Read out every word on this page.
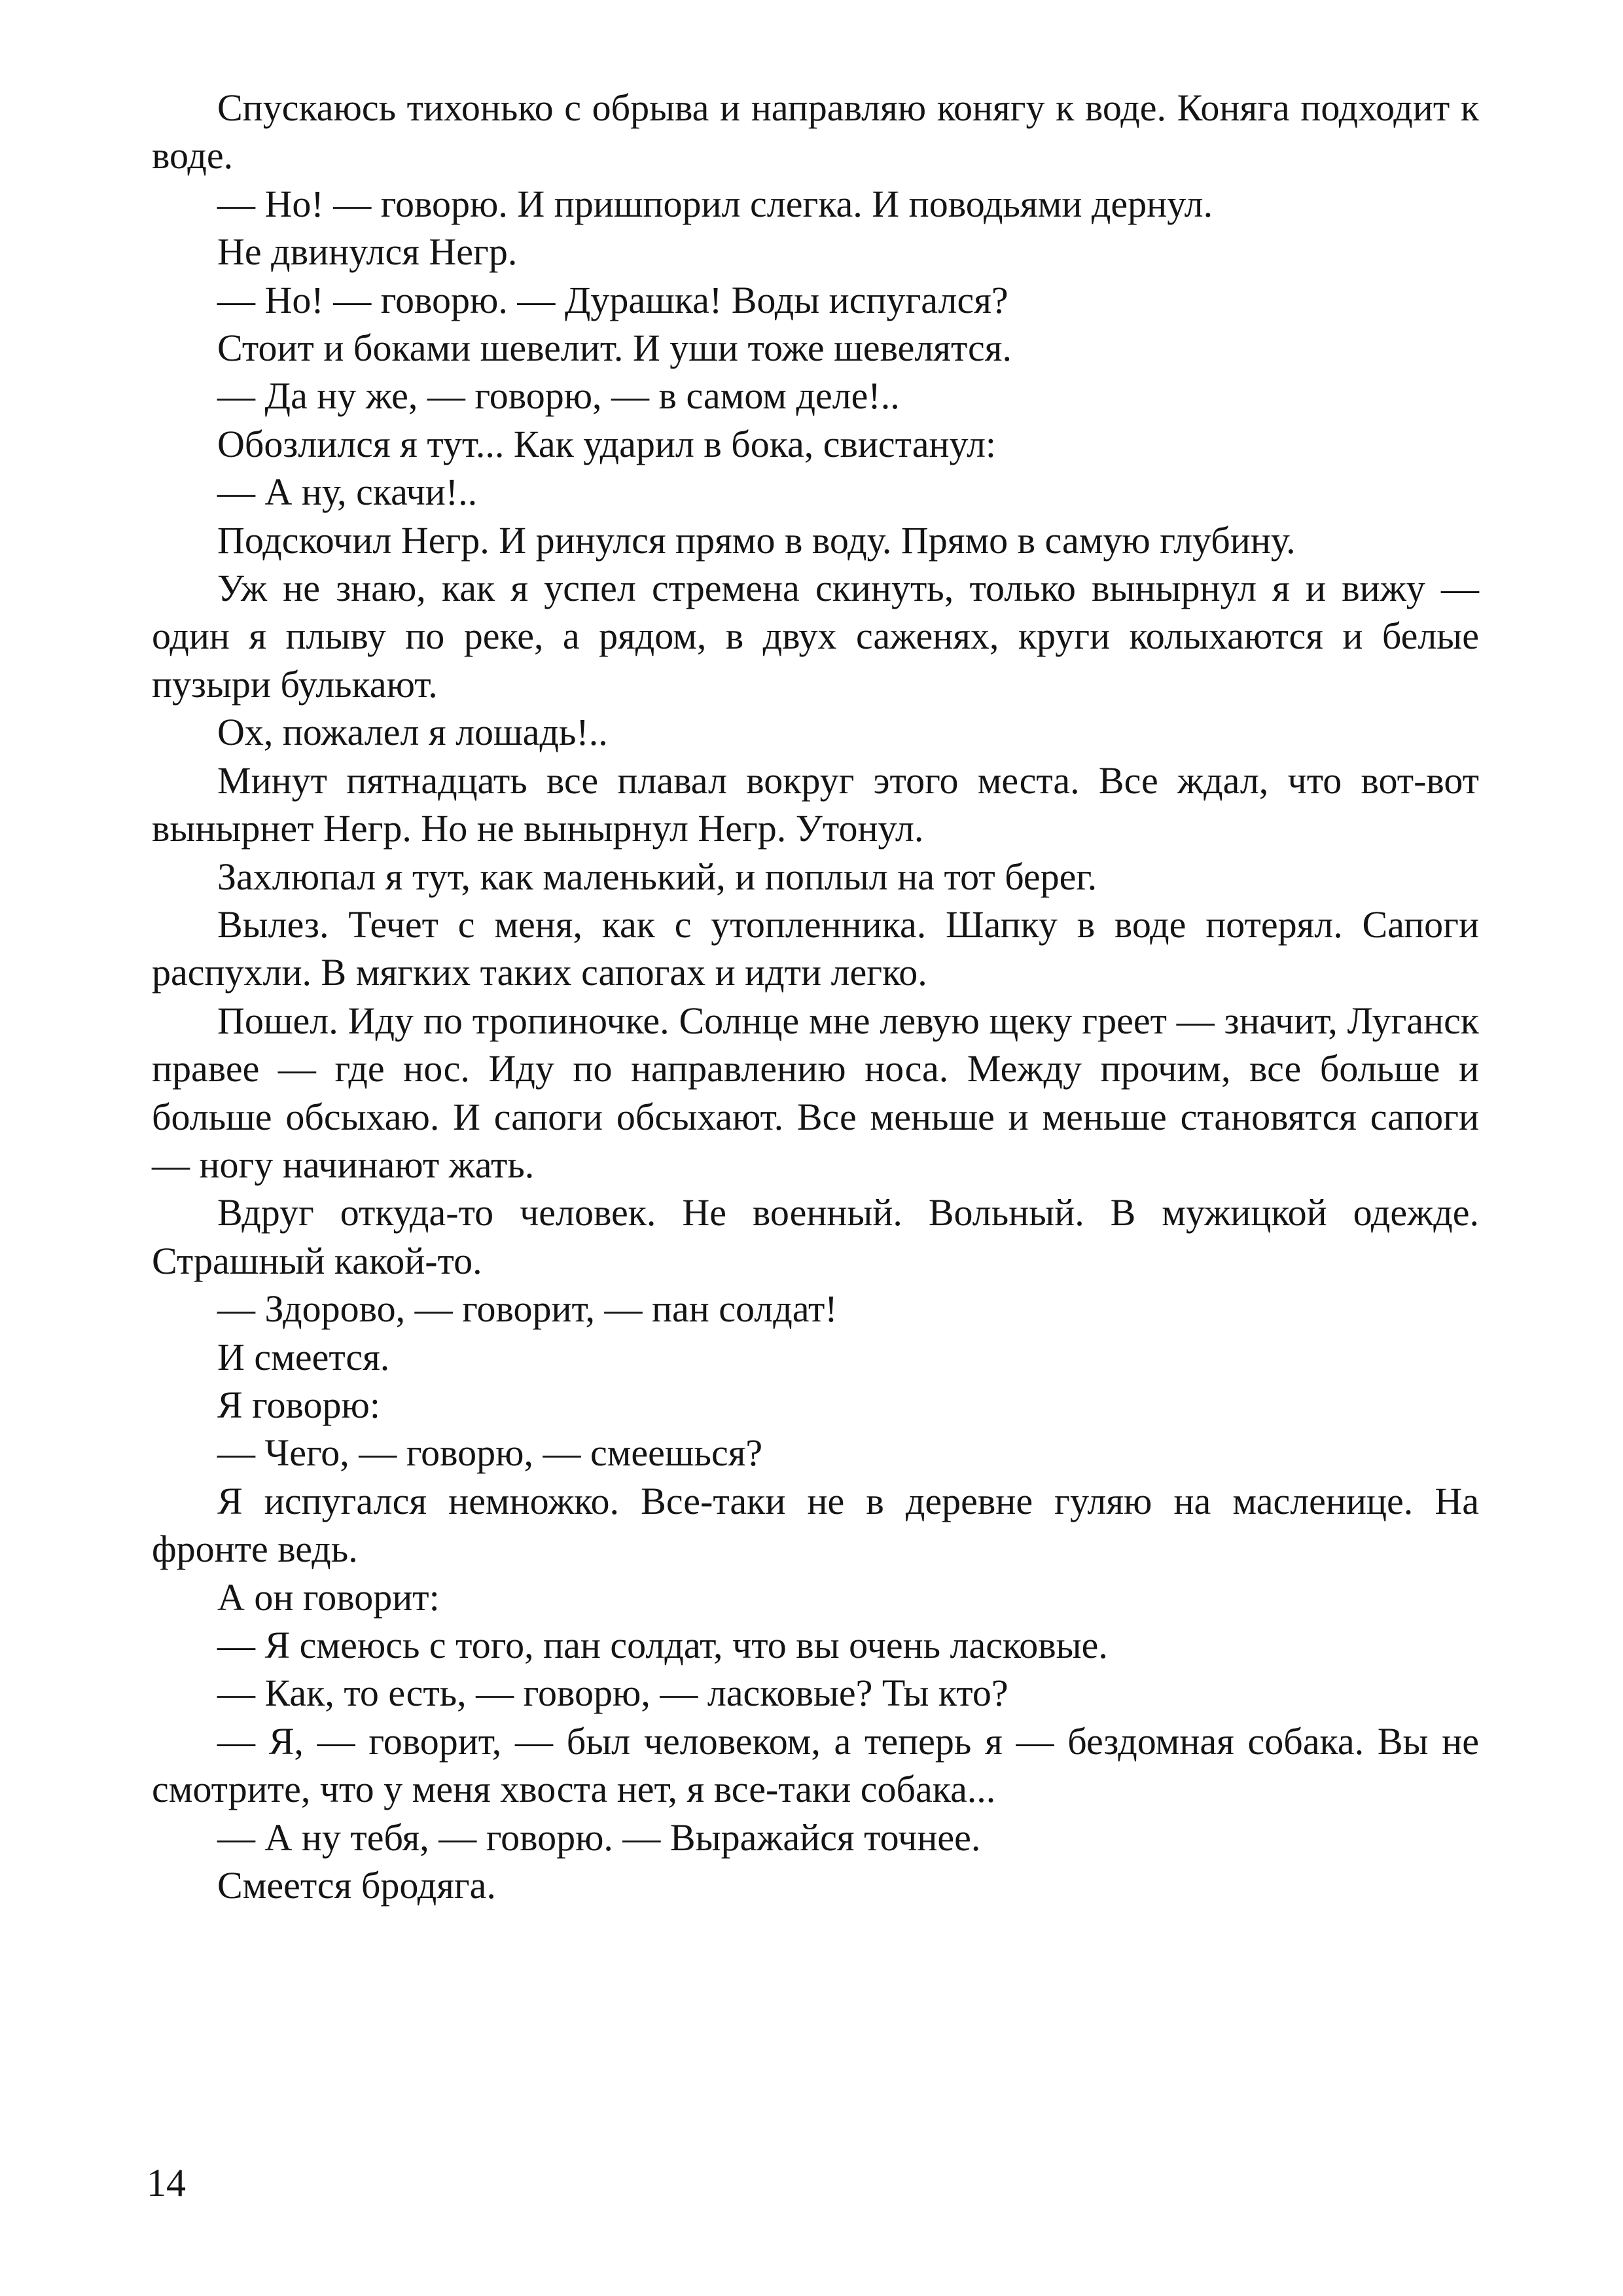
Спускаюсь тихонько с обрыва и направляю конягу к воде. Коняга подходит к воде.

— Но! — говорю. И пришпорил слегка. И поводьями дернул.

Не двинулся Негр.

— Но! — говорю. — Дурашка! Воды испугался?

Стоит и боками шевелит. И уши тоже шевелятся.

— Да ну же, — говорю, — в самом деле!..

Обозлился я тут... Как ударил в бока, свистанул:

— А ну, скачи!..

Подскочил Негр. И ринулся прямо в воду. Прямо в самую глубину.

Уж не знаю, как я успел стремена скинуть, только вынырнул я и вижу — один я плыву по реке, а рядом, в двух саженях, круги колыхаются и белые пузыри булькают.

Ох, пожалел я лошадь!..

Минут пятнадцать все плавал вокруг этого места. Все ждал, что вот-вот вынырнет Негр. Но не вынырнул Негр. Утонул.

Захлюпал я тут, как маленький, и поплыл на тот берег.

Вылез. Течет с меня, как с утопленника. Шапку в воде потерял. Сапоги распухли. В мягких таких сапогах и идти легко.

Пошел. Иду по тропиночке. Солнце мне левую щеку греет — значит, Луганск правее — где нос. Иду по направлению носа. Между прочим, все больше и больше обсыхаю. И сапоги обсыхают. Все меньше и меньше становятся сапоги — ногу начинают жать.

Вдруг откуда-то человек. Не военный. Вольный. В мужицкой одежде. Страшный какой-то.

— Здорово, — говорит, — пан солдат!

И смеется.

Я говорю:

— Чего, — говорю, — смеешься?

Я испугался немножко. Все-таки не в деревне гуляю на масленице. На фронте ведь.

А он говорит:

— Я смеюсь с того, пан солдат, что вы очень ласковые.

— Как, то есть, — говорю, — ласковые? Ты кто?

— Я, — говорит, — был человеком, а теперь я — бездомная собака. Вы не смотрите, что у меня хвоста нет, я все-таки собака...

— А ну тебя, — говорю. — Выражайся точнее.

Смеется бродяга.

14
